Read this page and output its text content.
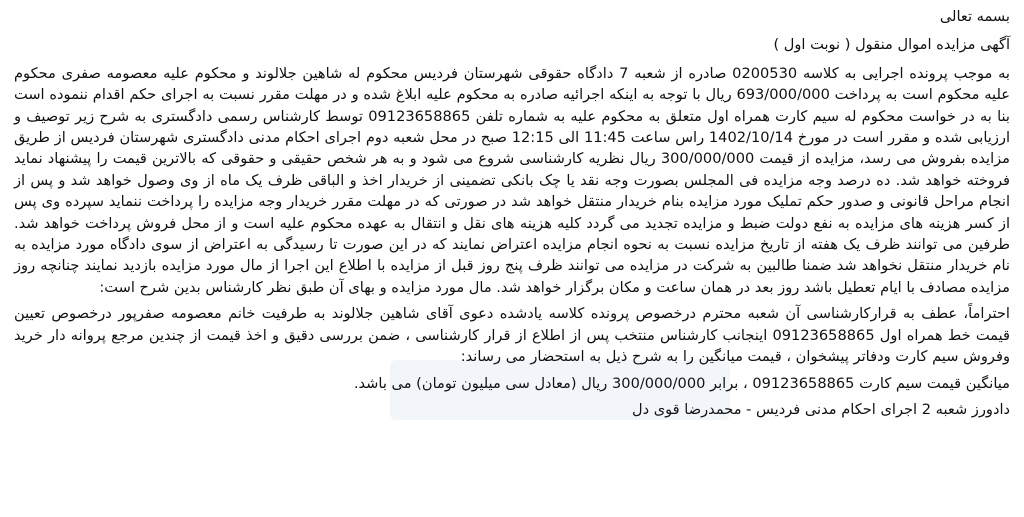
بسمه تعالی

آگهی مزایده اموال منقول ( نوبت اول )

به موجب پرونده اجرایی به کلاسه 0200530 صادره از شعبه 7 دادگاه حقوقی شهرستان فردیس محکوم له شاهین جلالوند و محکوم علیه معصومه صفری محکوم علیه محکوم است به پرداخت 693/000/000 ریال با توجه به اینکه اجرائیه صادره به محکوم علیه ابلاغ شده و در مهلت مقرر نسبت به اجرای حکم اقدام ننموده است بنا به در خواست محکوم له سیم کارت همراه اول متعلق به محکوم علیه به شماره تلفن 09123658865 توسط کارشناس رسمی دادگستری به شرح زیر توصیف و ارزیابی شده و مقرر است در مورخ 1402/10/14 راس ساعت 11:45 الی 12:15 صبح در محل شعبه دوم اجرای احکام مدنی دادگستری شهرستان فردیس از طریق مزایده بفروش می رسد، مزایده از قیمت 300/000/000 ریال نظریه کارشناسی شروع می شود و به هر شخص حقیقی و حقوقی که بالاترین قیمت را پیشنهاد نماید فروخته خواهد شد. ده درصد وجه مزایده فی المجلس بصورت وجه نقد یا چک بانکی تضمینی از خریدار اخذ و الباقی ظرف یک ماه از وی وصول خواهد شد و پس از انجام مراحل قانونی و صدور حکم تملیک مورد مزایده بنام خریدار منتقل خواهد شد در صورتی که در مهلت مقرر خریدار وجه مزایده را پرداخت ننماید سپرده وی پس از کسر هزینه های مزایده به نفع دولت ضبط و مزایده تجدید می گردد کلیه هزینه های نقل و انتقال به عهده محکوم علیه است و از محل فروش پرداخت خواهد شد. طرفین می توانند ظرف یک هفته از تاریخ مزایده نسبت به نحوه انجام مزایده اعتراض نمایند که در این صورت تا رسیدگی به اعتراض از سوی دادگاه مورد مزایده به نام خریدار منتقل نخواهد شد ضمنا طالبین به شرکت در مزایده می توانند ظرف پنج روز قبل از مزایده با اطلاع این اجرا از مال مورد مزایده بازدید نمایند چنانچه روز مزایده مصادف با ایام تعطیل باشد روز بعد در همان ساعت و مکان برگزار خواهد شد. مال مورد مزایده و بهای آن طبق نظر کارشناس بدین شرح است:

احتراماً، عطف به قرارکارشناسی آن شعبه محترم درخصوص پرونده کلاسه یادشده دعوی آقای شاهین جلالوند به طرفیت خانم معصومه صفرپور درخصوص تعیین قیمت خط همراه اول 09123658865 اینجانب کارشناس منتخب پس از اطلاع از قرار کارشناسی ، ضمن بررسی دقیق و اخذ قیمت از چندین مرجع پروانه دار خرید وفروش سیم کارت ودفاتر پیشخوان ، قیمت میانگین را به شرح ذیل به استحضار می رساند:

میانگین قیمت سیم کارت 09123658865 ، برابر 300/000/000 ریال (معادل سی میلیون تومان) می باشد.

دادورز شعبه 2 اجرای احکام مدنی فردیس - محمدرضا قوی دل
